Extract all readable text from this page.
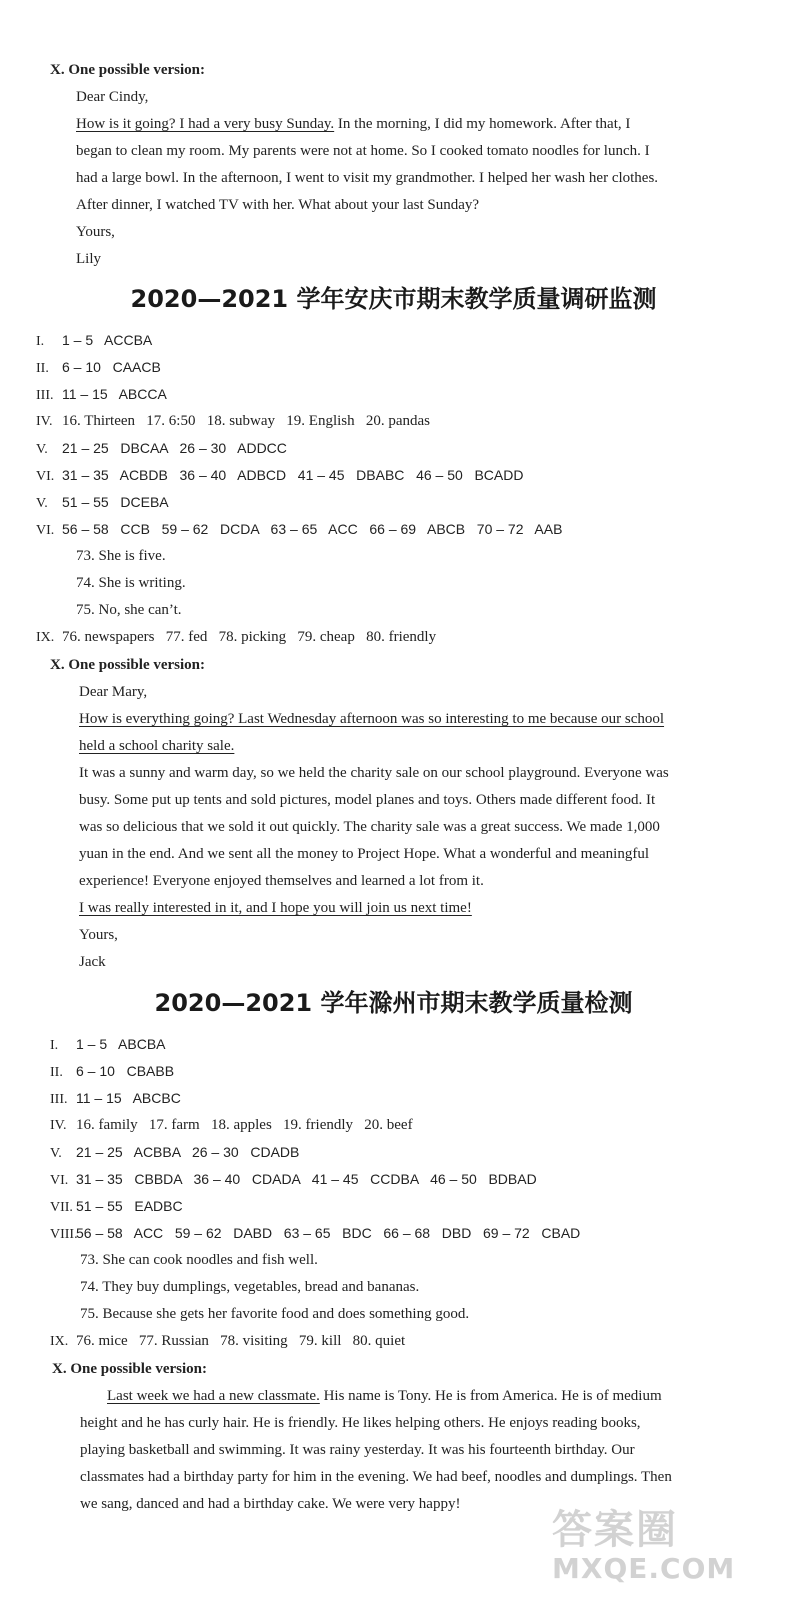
X. One possible version:
Dear Cindy,
How is it going? I had a very busy Sunday. In the morning, I did my homework. After that, I
began to clean my room. My parents were not at home. So I cooked tomato noodles for lunch. I
had a large bowl. In the afternoon, I went to visit my grandmother. I helped her wash her clothes.
After dinner, I watched TV with her. What about your last Sunday?
Yours,
Lily
2020—2021 学年安庆市期末教学质量调研监测
I. 1 – 5   ACCBA
II. 6 – 10   CAACB
III. 11 – 15   ABCCA
IV. 16. Thirteen   17. 6:50   18. subway   19. English   20. pandas
V. 21 – 25   DBCAA   26 – 30   ADDCC
VI. 31 – 35   ACBDB   36 – 40   ADBCD   41 – 45   DBABC   46 – 50   BCADD
V. 51 – 55   DCEBA
VI. 56 – 58   CCB   59 – 62   DCDA   63 – 65   ACC   66 – 69   ABCB   70 – 72   AAB
73. She is five.
74. She is writing.
75. No, she can’t.
IX. 76. newspapers   77. fed   78. picking   79. cheap   80. friendly
X. One possible version:
Dear Mary,
How is everything going? Last Wednesday afternoon was so interesting to me because our school
held a school charity sale.
It was a sunny and warm day, so we held the charity sale on our school playground. Everyone was
busy. Some put up tents and sold pictures, model planes and toys. Others made different food. It
was so delicious that we sold it out quickly. The charity sale was a great success. We made 1,000
yuan in the end. And we sent all the money to Project Hope. What a wonderful and meaningful
experience! Everyone enjoyed themselves and learned a lot from it.
I was really interested in it, and I hope you will join us next time!
Yours,
Jack
2020—2021 学年滁州市期末教学质量检测
I. 1 – 5   ABCBA
II. 6 – 10   CBABB
III. 11 – 15   ABCBC
IV. 16. family   17. farm   18. apples   19. friendly   20. beef
V. 21 – 25   ACBBA   26 – 30   CDADB
VI. 31 – 35   CBBDA   36 – 40   CDADA   41 – 45   CCDBA   46 – 50   BDBAD
VII. 51 – 55   EADBC
VIII.56 – 58   ACC   59 – 62   DABD   63 – 65   BDC   66 – 68   DBD   69 – 72   CBAD
73. She can cook noodles and fish well.
74. They buy dumplings, vegetables, bread and bananas.
75. Because she gets her favorite food and does something good.
IX. 76. mice   77. Russian   78. visiting   79. kill   80. quiet
X. One possible version:
Last week we had a new classmate. His name is Tony. He is from America. He is of medium
height and he has curly hair. He is friendly. He likes helping others. He enjoys reading books,
playing basketball and swimming. It was rainy yesterday. It was his fourteenth birthday. Our
classmates had a birthday party for him in the evening. We had beef, noodles and dumplings. Then
we sang, danced and had a birthday cake. We were very happy!
答案圈
MXQE.COM
